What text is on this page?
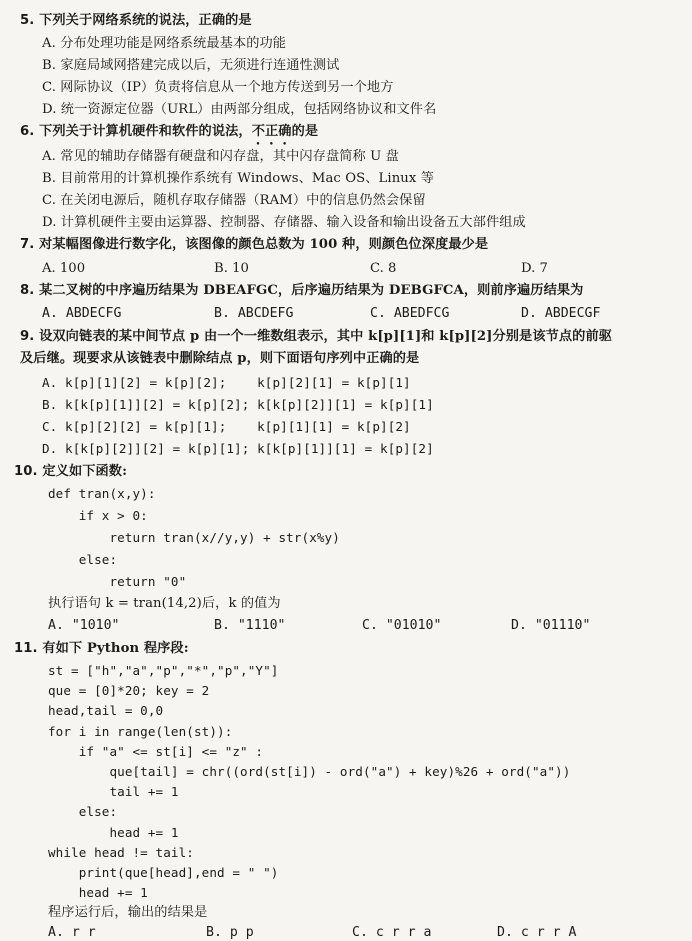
5. 下列关于网络系统的说法，正确的是
A. 分布处理功能是网络系统最基本的功能
B. 家庭局域网搭建完成以后，无须进行连通性测试
C. 网际协议（IP）负责将信息从一个地方传送到另一个地方
D. 统一资源定位器（URL）由两部分组成，包括网络协议和文件名
6. 下列关于计算机硬件和软件的说法，不正确的是
A. 常见的辅助存储器有硬盘和闪存盘，其中闪存盘简称 U 盘
B. 目前常用的计算机操作系统有 Windows、Mac OS、Linux 等
C. 在关闭电源后，随机存取存储器（RAM）中的信息仍然会保留
D. 计算机硬件主要由运算器、控制器、存储器、输入设备和输出设备五大部件组成
7. 对某幅图像进行数字化，该图像的颜色总数为 100 种，则颜色位深度最少是
A. 100	B. 10	C. 8	D. 7
8. 某二叉树的中序遍历结果为 DBEAFGC，后序遍历结果为 DEBGFCA，则前序遍历结果为
A. ABDECFG	B. ABCDEFG	C. ABEDFCG	D. ABDECGF
9. 设双向链表的某中间节点 p 由一个一维数组表示，其中 k[p][1]和 k[p][2]分别是该节点的前驱
及后继。现要求从该链表中删除结点 p，则下面语句序列中正确的是
A. k[p][1][2] = k[p][2];    k[p][2][1] = k[p][1]
B. k[k[p][1]][2] = k[p][2]; k[k[p][2]][1] = k[p][1]
C. k[p][2][2] = k[p][1];    k[p][1][1] = k[p][2]
D. k[k[p][2]][2] = k[p][1]; k[k[p][1]][1] = k[p][2]
10. 定义如下函数:
def tran(x,y):
if x > 0:
return tran(x//y,y) + str(x%y)
else:
return "0"
执行语句 k = tran(14,2)后，k 的值为
A. "1010"	B. "1110"	C. "01010"	D. "01110"
11. 有如下 Python 程序段:
st = ["h","a","p","*","p","Y"]
que = [0]*20; key = 2
head,tail = 0,0
for i in range(len(st)):
if "a" <= st[i] <= "z" :
que[tail] = chr((ord(st[i]) - ord("a") + key)%26 + ord("a"))
tail += 1
else:
head += 1
while head != tail:
print(que[head],end = " ")
head += 1
程序运行后，输出的结果是
A. r r	B. p p	C. c r r a	D. c r r A
